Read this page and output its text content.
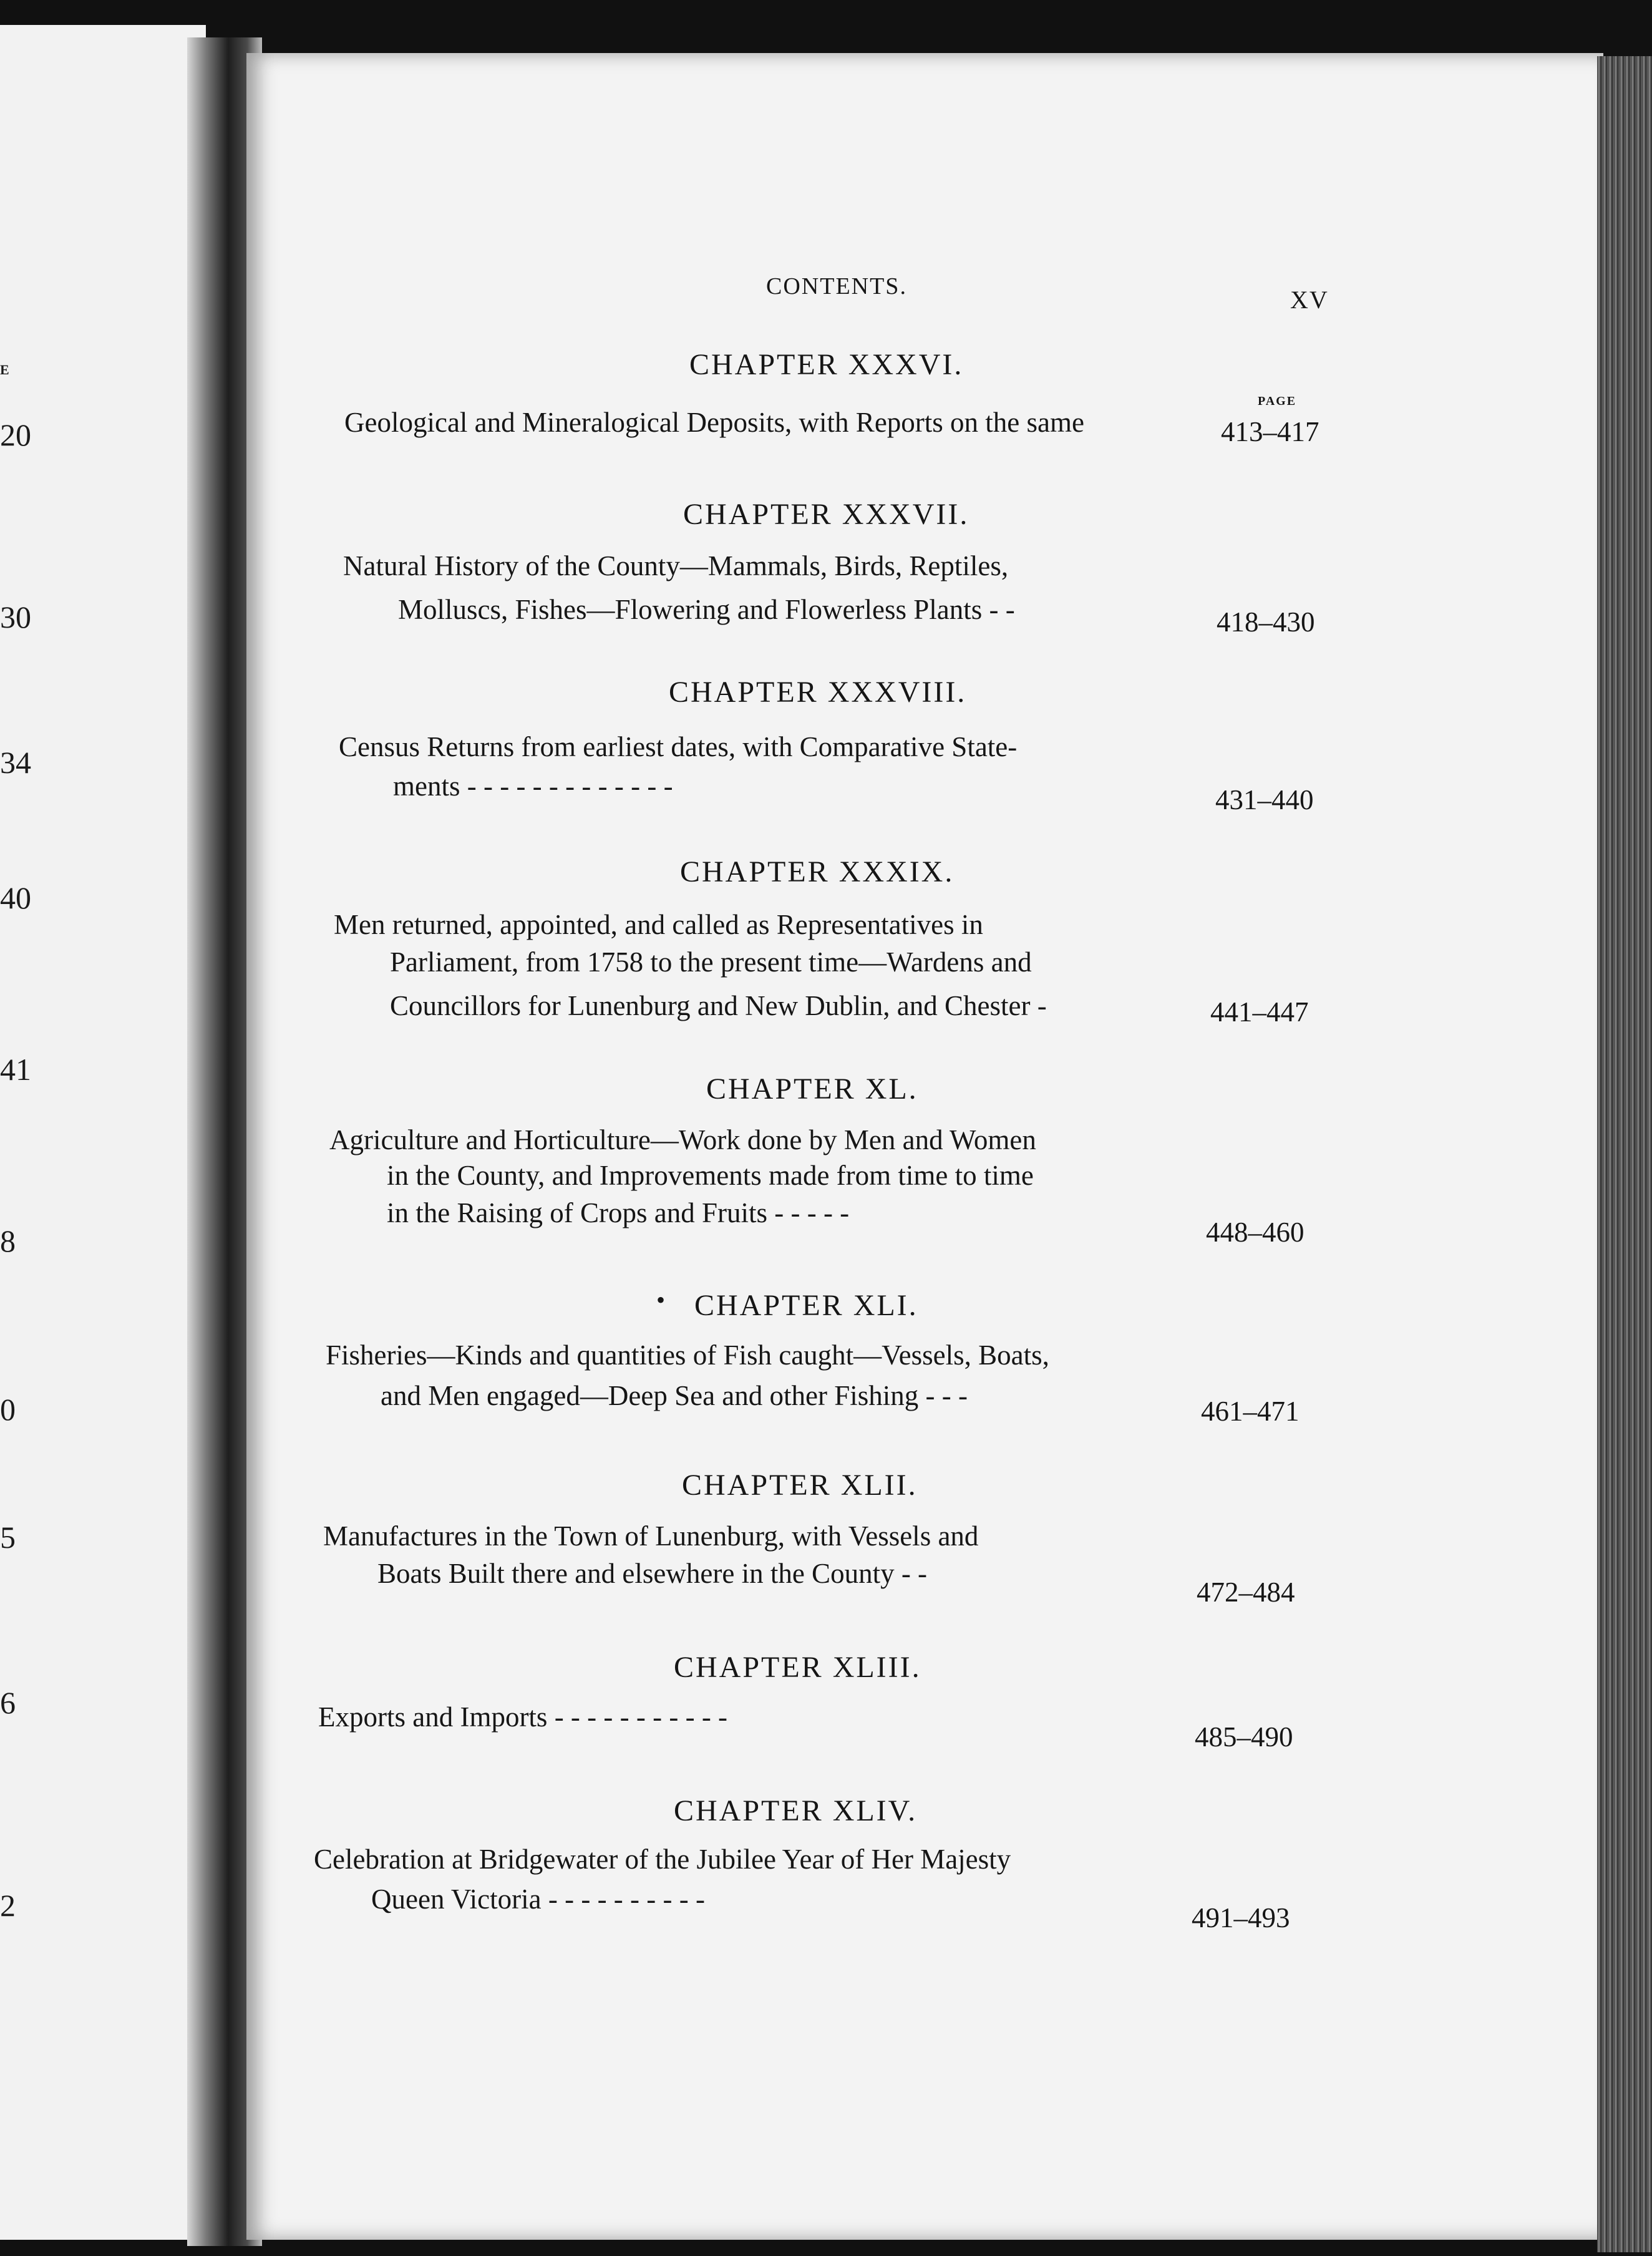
E
20
30
34
40
41
8
0
5
6
2
CONTENTS.	XV
PAGE
CHAPTER XXXVI.
Geological and Mineralogical Deposits, with Reports on the same	413–417
CHAPTER XXXVII.
Natural History of the County—Mammals, Birds, Reptiles,
Molluscs, Fishes—Flowering and Flowerless Plants - -	418–430
CHAPTER XXXVIII.
Census Returns from earliest dates, with Comparative State-
ments - - - - - - - - - - - - -	431–440
CHAPTER XXXIX.
Men returned, appointed, and called as Representatives in
Parliament, from 1758 to the present time—Wardens and
Councillors for Lunenburg and New Dublin, and Chester -	441–447
CHAPTER XL.
Agriculture and Horticulture—Work done by Men and Women
in the County, and Improvements made from time to time
in the Raising of Crops and Fruits - - - - -
448–460
• CHAPTER XLI.
Fisheries—Kinds and quantities of Fish caught—Vessels, Boats,
and Men engaged—Deep Sea and other Fishing - - -	461–471
CHAPTER XLII.
Manufactures in the Town of Lunenburg, with Vessels and
Boats Built there and elsewhere in the County - -
472–484
CHAPTER XLIII.
Exports and Imports - - - - - - - - - - -
485–490
CHAPTER XLIV.
Celebration at Bridgewater of the Jubilee Year of Her Majesty
Queen Victoria - - - - - - - - - -
491–493
